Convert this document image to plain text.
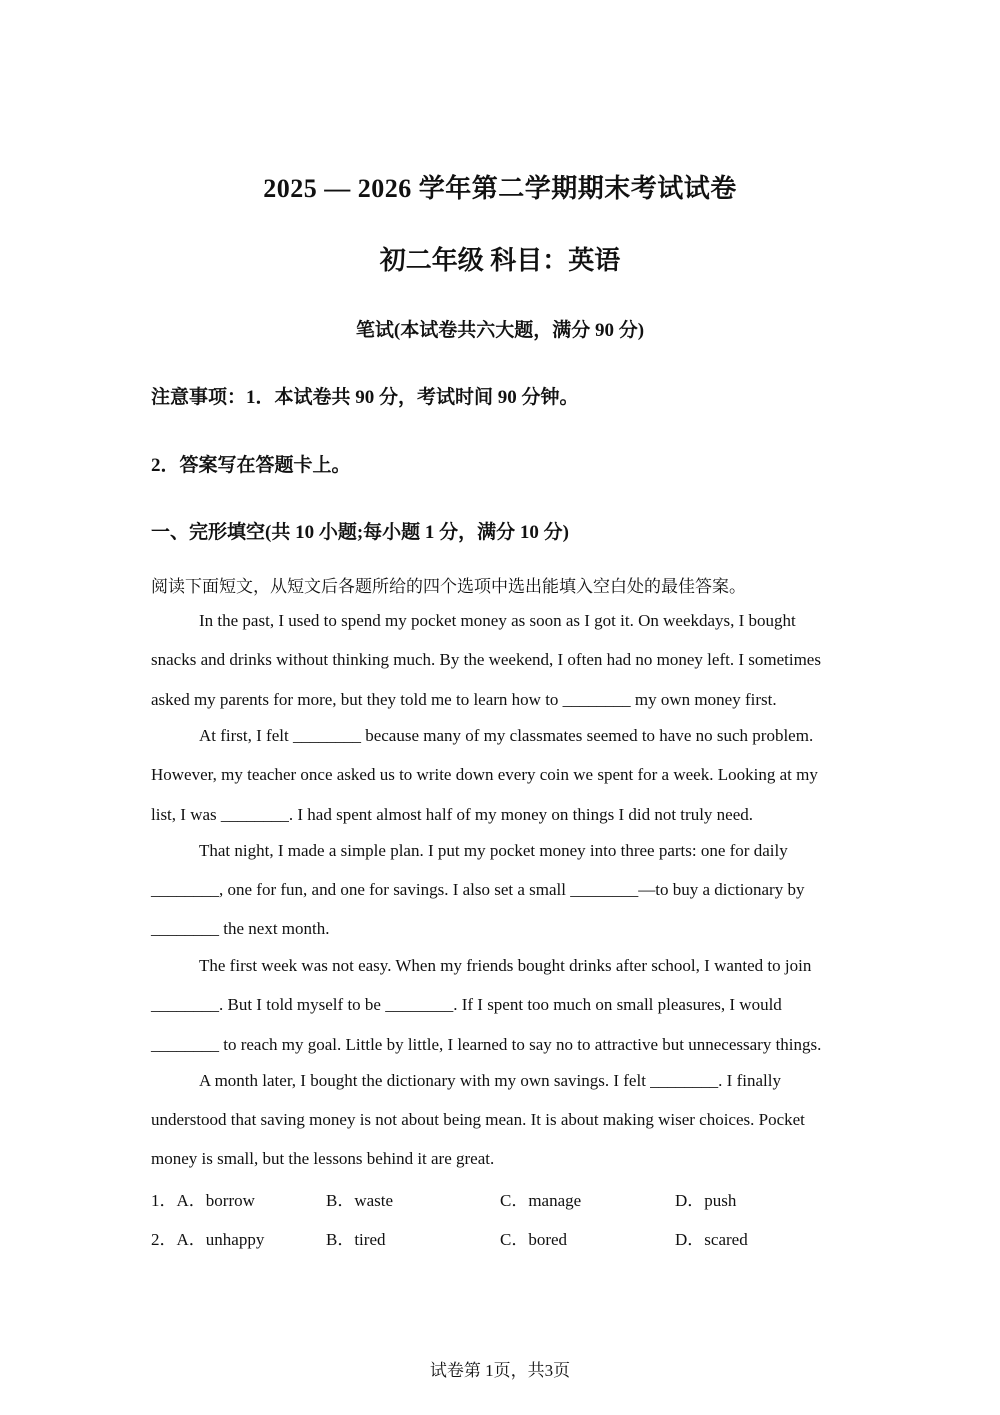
2025 — 2026 学年第二学期期末考试试卷
初二年级 科目：英语
笔试(本试卷共六大题，满分 90 分)
注意事项：1．本试卷共 90 分，考试时间 90 分钟。
2．答案写在答题卡上。
一、完形填空(共 10 小题;每小题 1 分，满分 10 分)
阅读下面短文，从短文后各题所给的四个选项中选出能填入空白处的最佳答案。
In the past, I used to spend my pocket money as soon as I got it. On weekdays, I bought
snacks and drinks without thinking much. By the weekend, I often had no money left. I sometimes
asked my parents for more, but they told me to learn how to ________ my own money first.
At first, I felt ________ because many of my classmates seemed to have no such problem.
However, my teacher once asked us to write down every coin we spent for a week. Looking at my
list, I was ________. I had spent almost half of my money on things I did not truly need.
That night, I made a simple plan. I put my pocket money into three parts: one for daily
________, one for fun, and one for savings. I also set a small ________—to buy a dictionary by
________ the next month.
The first week was not easy. When my friends bought drinks after school, I wanted to join
________. But I told myself to be ________. If I spent too much on small pleasures, I would
________ to reach my goal. Little by little, I learned to say no to attractive but unnecessary things.
A month later, I bought the dictionary with my own savings. I felt ________. I finally
understood that saving money is not about being mean. It is about making wiser choices. Pocket
money is small, but the lessons behind it are great.
1．A．borrow	B．waste	C．manage	D．push
2．A．unhappy	B．tired	C．bored	D．scared
试卷第 1页，共3页
